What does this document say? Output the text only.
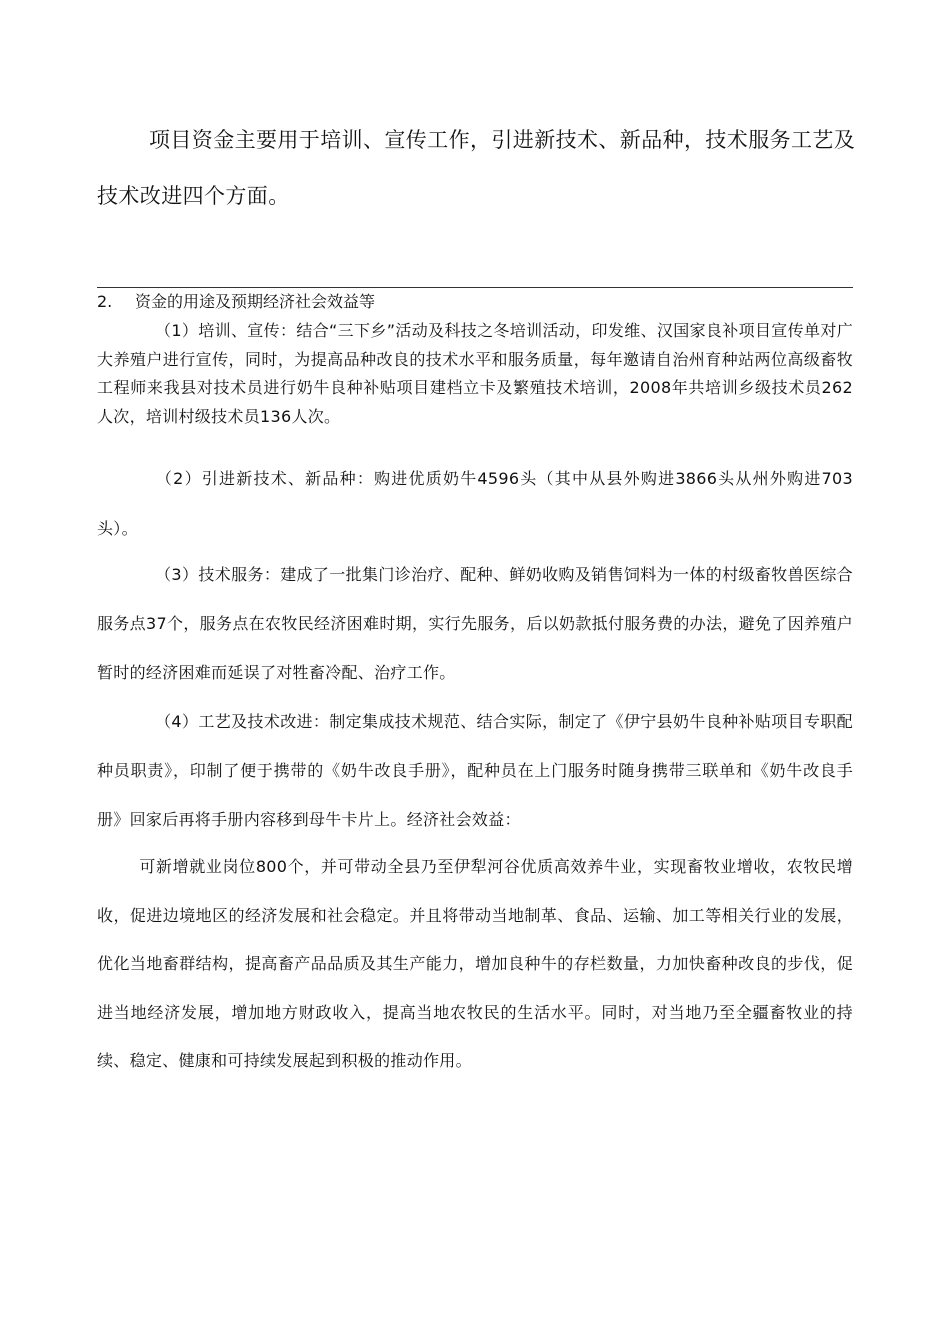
项目资金主要用于培训、宣传工作，引进新技术、新品种，技术服务工艺及技术改进四个方面。
2. 资金的用途及预期经济社会效益等
（1）培训、宣传：结合“三下乡”活动及科技之冬培训活动，印发维、汉国家良补项目宣传单对广大养殖户进行宣传，同时，为提高品种改良的技术水平和服务质量，每年邀请自治州育种站两位高级畜牧工程师来我县对技术员进行奶牛良种补贴项目建档立卡及繁殖技术培训，2008年共培训乡级技术员262人次，培训村级技术员136人次。
（2）引进新技术、新品种：购进优质奶牛4596头（其中从县外购进3866头从州外购进703头）。
（3）技术服务：建成了一批集门诊治疗、配种、鲜奶收购及销售饲料为一体的村级畜牧兽医综合服务点37个，服务点在农牧民经济困难时期，实行先服务，后以奶款抵付服务费的办法，避免了因养殖户暂时的经济困难而延误了对牲畜冷配、治疗工作。
（4）工艺及技术改进：制定集成技术规范、结合实际，制定了《伊宁县奶牛良种补贴项目专职配种员职责》，印制了便于携带的《奶牛改良手册》，配种员在上门服务时随身携带三联单和《奶牛改良手册》回家后再将手册内容移到母牛卡片上。经济社会效益：
可新增就业岗位800个，并可带动全县乃至伊犁河谷优质高效养牛业，实现畜牧业增收，农牧民增收，促进边境地区的经济发展和社会稳定。并且将带动当地制革、食品、运输、加工等相关行业的发展，优化当地畜群结构，提高畜产品品质及其生产能力，增加良种牛的存栏数量，力加快畜种改良的步伐，促进当地经济发展，增加地方财政收入，提高当地农牧民的生活水平。同时，对当地乃至全疆畜牧业的持续、稳定、健康和可持续发展起到积极的推动作用。
